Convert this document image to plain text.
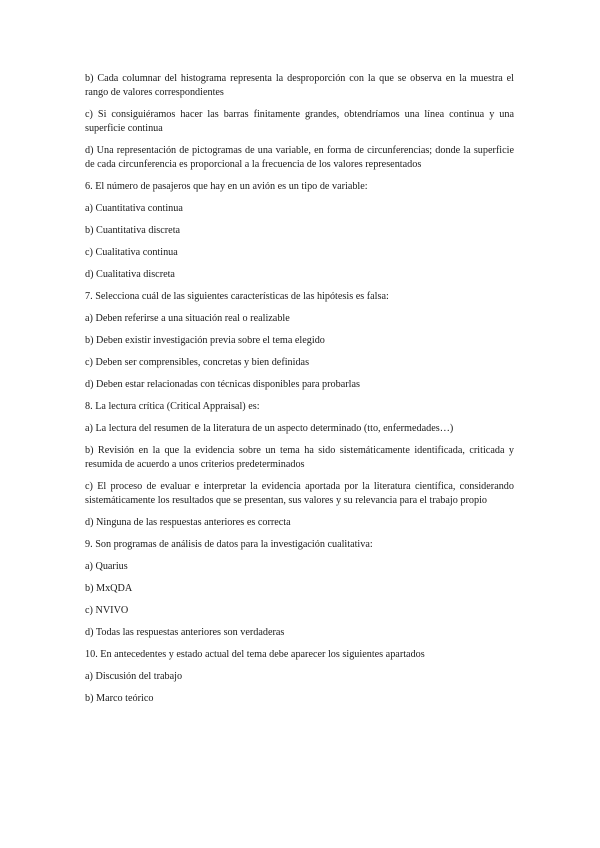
b) Cada columnar del histograma representa la desproporción con la que se observa en la muestra el rango de valores correspondientes

c) Si consiguiéramos hacer las barras finitamente grandes, obtendríamos una línea continua y una superficie continua

d) Una representación de pictogramas de una variable, en forma de circunferencias; donde la superficie de cada circunferencia es proporcional a la frecuencia de los valores representados

6. El número de pasajeros que hay en un avión es un tipo de variable:

a) Cuantitativa continua

b) Cuantitativa discreta

c) Cualitativa continua

d) Cualitativa discreta

7. Selecciona cuál de las siguientes características de las hipótesis es falsa:

a) Deben referirse a una situación real o realizable

b) Deben existir investigación previa sobre el tema elegido

c) Deben ser comprensibles, concretas y bien definidas

d) Deben estar relacionadas con técnicas disponibles para probarlas

8. La lectura crítica (Critical Appraisal) es:

a) La lectura del resumen de la literatura de un aspecto determinado (tto, enfermedades…)

b) Revisión en la que la evidencia sobre un tema ha sido sistemáticamente identificada, criticada y resumida de acuerdo a unos criterios predeterminados

c) El proceso de evaluar e interpretar la evidencia aportada por la literatura científica, considerando sistemáticamente los resultados que se presentan, sus valores y su relevancia para el trabajo propio

d) Ninguna de las respuestas anteriores es correcta

9. Son programas de análisis de datos para la investigación cualitativa:

a) Quarius

b) MxQDA

c) NVIVO

d) Todas las respuestas anteriores son verdaderas

10. En antecedentes y estado actual del tema debe aparecer los siguientes apartados

a) Discusión del trabajo

b) Marco teórico
